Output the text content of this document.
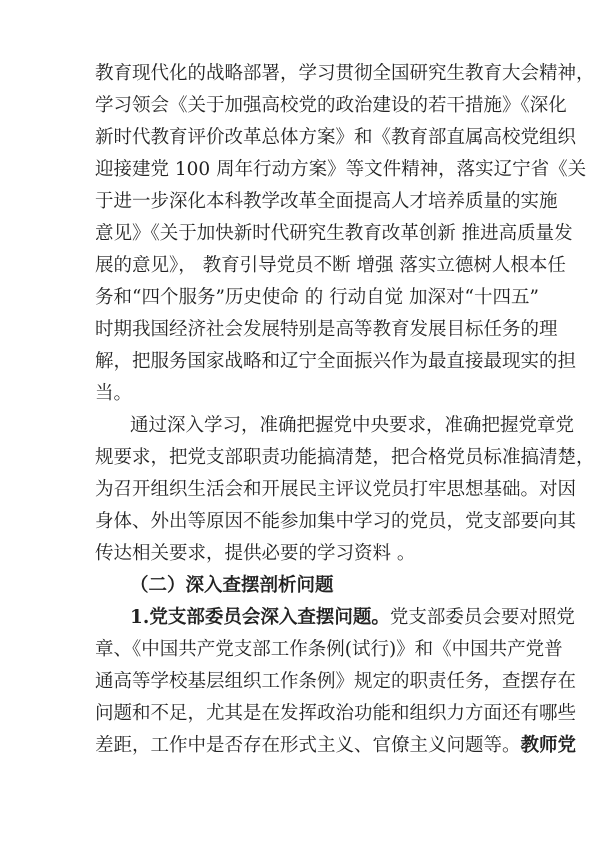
教育现代化的战略部署，学习贯彻全国研究生教育大会精神，
学习领会《关于加强高校党的政治建设的若干措施》《深化
新时代教育评价改革总体方案》和《教育部直属高校党组织
迎接建党 100 周年行动方案》等文件精神，落实辽宁省《关
于进一步深化本科教学改革全面提高人才培养质量的实施
意见》《关于加快新时代研究生教育改革创新 推进高质量发
展的意见》， 教育引导党员不断 增强 落实立德树人根本任
务和“四个服务”历史使命 的 行动自觉 加深对“十四五”
时期我国经济社会发展特别是高等教育发展目标任务的理
解，把服务国家战略和辽宁全面振兴作为最直接最现实的担
当。
通过深入学习，准确把握党中央要求，准确把握党章党
规要求，把党支部职责功能搞清楚，把合格党员标准搞清楚，
为召开组织生活会和开展民主评议党员打牢思想基础。对因
身体、外出等原因不能参加集中学习的党员，党支部要向其
传达相关要求，提供必要的学习资料 。
（二）深入查摆剖析问题
1.党支部委员会深入查摆问题。 党支部委员会要对照党
章、《中国共产党支部工作条例(试行)》和《中国共产党普
通高等学校基层组织工作条例》规定的职责任务，查摆存在
问题和不足，尤其是在发挥政治功能和组织力方面还有哪些
差距，工作中是否存在形式主义、官僚主义问题等。 教师党
